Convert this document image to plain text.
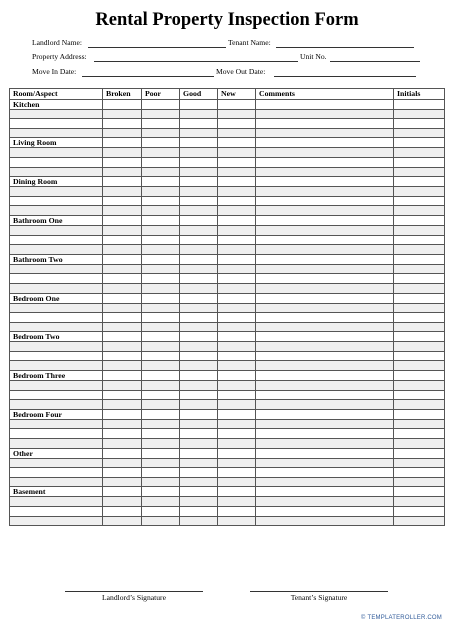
Rental Property Inspection Form
Landlord Name:	Tenant Name:
Property Address:	Unit No.
Move In Date:	Move Out Date:
Room/Aspect	Broken	Poor	Good	New	Comments	Initials
Kitchen						

Living Room						

Dining Room						

Bathroom One						

Bathroom Two						

Bedroom One						

Bedroom Two						

Bedroom Three						

Bedroom Four						

Other						

Basement						

Landlord’s Signature	Tenant’s Signature
© TEMPLATEROLLER.COM
